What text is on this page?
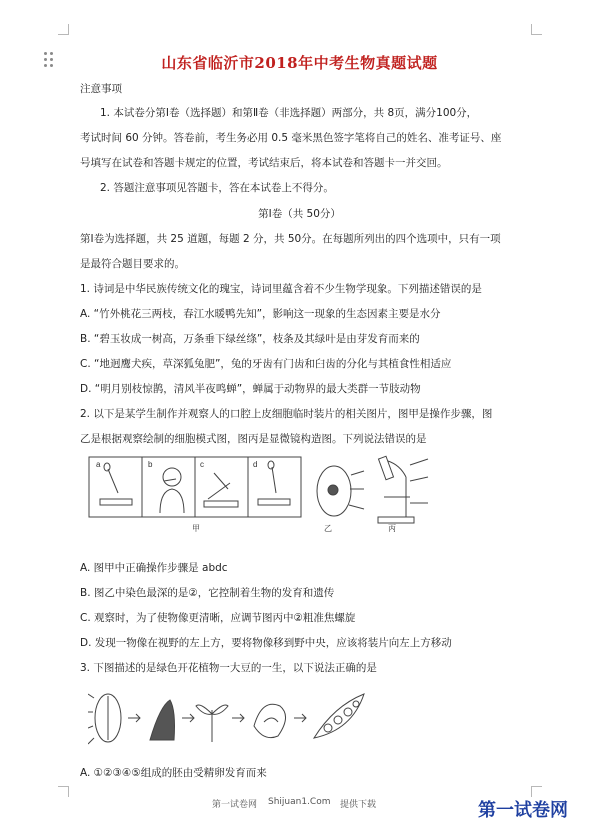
山东省临沂市2018年中考生物真题试题
注意事项
1. 本试卷分第Ⅰ卷（选择题）和第Ⅱ卷（非选择题）两部分，共 8页，满分100分，
考试时间 60 分钟。答卷前，考生务必用 0.5 毫米黑色签字笔将自己的姓名、准考证号、座
号填写在试卷和答题卡规定的位置，考试结束后，将本试卷和答题卡一并交回。
2. 答题注意事项见答题卡，答在本试卷上不得分。
第Ⅰ卷（共 50分）
第Ⅰ卷为选择题，共 25 道题，每题 2 分，共 50分。在每题所列出的四个选项中，只有一项
是最符合题目要求的。
1. 诗词是中华民族传统文化的瑰宝，诗词里蕴含着不少生物学现象。下列描述错误的是
A. “竹外桃花三两枝，春江水暖鸭先知”，影响这一现象的生态因素主要是水分
B. “碧玉妆成一树高，万条垂下绿丝绦”，枝条及其绿叶是由芽发育而来的
C. “地迥鹰犬疾，草深狐兔肥”，兔的牙齿有门齿和臼齿的分化与其植食性相适应
D. “明月别枝惊鹊，清风半夜鸣蝉”，蝉属于动物界的最大类群一节肢动物
2. 以下是某学生制作并观察人的口腔上皮细胞临时装片的相关图片，图甲是操作步骤，图
乙是根据观察绘制的细胞模式图，图丙是显微镜构造图。下列说法错误的是
a	b	c	d
甲	乙	丙
A. 图甲中正确操作步骤是 abdc
B. 图乙中染色最深的是②，它控制着生物的发育和遗传
C. 观察时，为了使物像更清晰，应调节图丙中②粗准焦螺旋
D. 发现一物像在视野的左上方，要将物像移到野中央，应该将装片向左上方移动
3. 下图描述的是绿色开花植物一大豆的一生，以下说法正确的是
A. ①②③④⑤组成的胚由受精卵发育而来
第一试卷网 Shijuan1.Com 提供下载	第一试卷网
